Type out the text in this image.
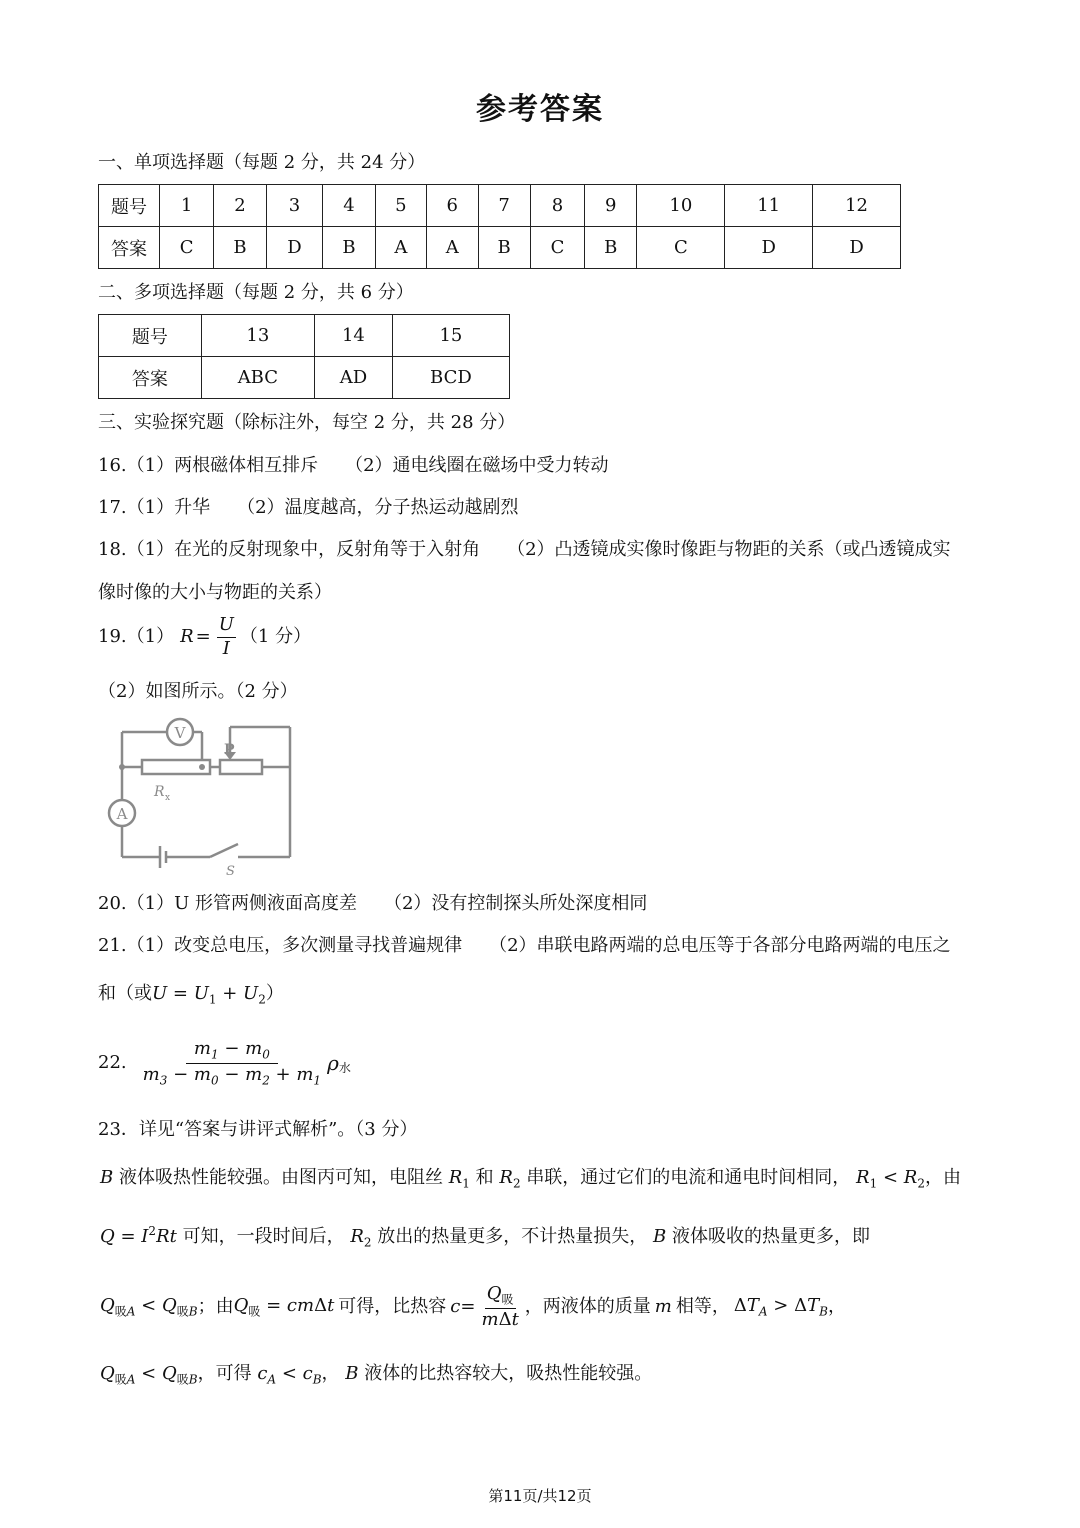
参考答案
一、单项选择题（每题 2 分，共 24 分）
题号	1	2	3	4	5	6	7	8	9	10	11	12
答案	C	B	D	B	A	A	B	C	B	C	D	D
二、多项选择题（每题 2 分，共 6 分）
题号	13	14	15
答案	ABC	AD	BCD
三、实验探究题（除标注外，每空 2 分，共 28 分）
16.（1）两根磁体相互排斥　　（2）通电线圈在磁场中受力转动
17.（1）升华　　（2）温度越高，分子热运动越剧烈
18.（1）在光的反射现象中，反射角等于入射角　　（2）凸透镜成实像时像距与物距的关系（或凸透镜成实
像时像的大小与物距的关系）
19.（1） $R = \frac{U}{I} (1$ 分）
（2）如图所示。（2 分）
V
P
R x
A
S
20.（1）U 形管两侧液面高度差　　（2）没有控制探头所处深度相同
21.（1）改变总电压，多次测量寻找普遍规律　　（2）串联电路两端的总电压等于各部分电路两端的电压之
和（或$U = U_1 + U_2$）
22. $\frac{m_1 - m_0}{m_3 - m_0 - m_2 + m_1}$ ρ 水
23．详见“答案与讲评式解析”。（3 分）
B 液体吸热性能较强。由图丙可知，电阻丝 $R_1$ 和 $R_2$ 串联，通过它们的电流和通电时间相同， $R_1 < R_2$，由
$Q = I^2Rt$ 可知，一段时间后， $R_2$ 放出的热量更多，不计热量损失， B 液体吸收的热量更多，即
$Q_{吸A} < Q_{吸B}$ ；由 $Q_吸 = cm\Delta t$ 可得，比热容 $c = \frac{Q_吸}{\text{mΔt}}$ ，两液体的质量 m 相等， $\Delta T_A > \Delta T_B$ ，
$Q_{吸A} < Q_{吸B}$，可得 $c_A < c_B$， B 液体的比热容较大，吸热性能较强。
第11页/共12页
